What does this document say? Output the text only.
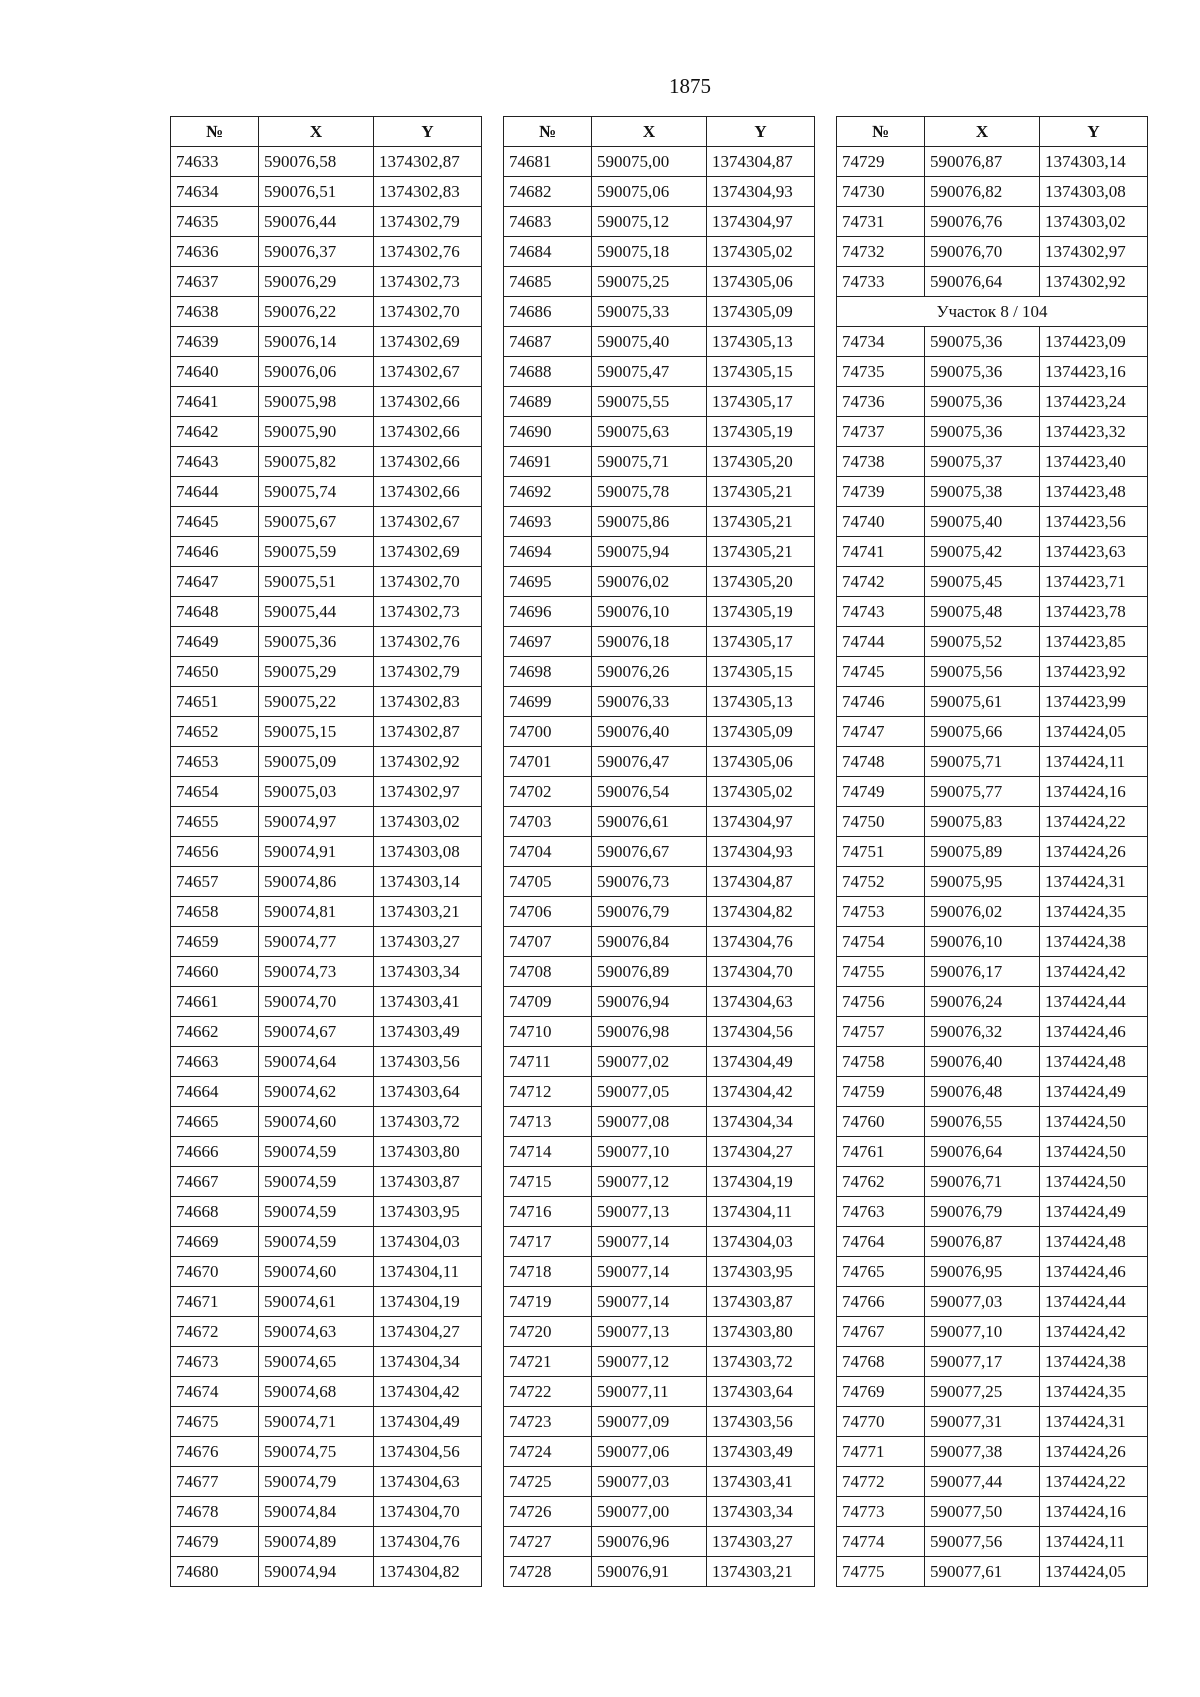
1875
№	X	Y
74633	590076,58	1374302,87
74634	590076,51	1374302,83
74635	590076,44	1374302,79
74636	590076,37	1374302,76
74637	590076,29	1374302,73
74638	590076,22	1374302,70
74639	590076,14	1374302,69
74640	590076,06	1374302,67
74641	590075,98	1374302,66
74642	590075,90	1374302,66
74643	590075,82	1374302,66
74644	590075,74	1374302,66
74645	590075,67	1374302,67
74646	590075,59	1374302,69
74647	590075,51	1374302,70
74648	590075,44	1374302,73
74649	590075,36	1374302,76
74650	590075,29	1374302,79
74651	590075,22	1374302,83
74652	590075,15	1374302,87
74653	590075,09	1374302,92
74654	590075,03	1374302,97
74655	590074,97	1374303,02
74656	590074,91	1374303,08
74657	590074,86	1374303,14
74658	590074,81	1374303,21
74659	590074,77	1374303,27
74660	590074,73	1374303,34
74661	590074,70	1374303,41
74662	590074,67	1374303,49
74663	590074,64	1374303,56
74664	590074,62	1374303,64
74665	590074,60	1374303,72
74666	590074,59	1374303,80
74667	590074,59	1374303,87
74668	590074,59	1374303,95
74669	590074,59	1374304,03
74670	590074,60	1374304,11
74671	590074,61	1374304,19
74672	590074,63	1374304,27
74673	590074,65	1374304,34
74674	590074,68	1374304,42
74675	590074,71	1374304,49
74676	590074,75	1374304,56
74677	590074,79	1374304,63
74678	590074,84	1374304,70
74679	590074,89	1374304,76
74680	590074,94	1374304,82
№	X	Y
74681	590075,00	1374304,87
74682	590075,06	1374304,93
74683	590075,12	1374304,97
74684	590075,18	1374305,02
74685	590075,25	1374305,06
74686	590075,33	1374305,09
74687	590075,40	1374305,13
74688	590075,47	1374305,15
74689	590075,55	1374305,17
74690	590075,63	1374305,19
74691	590075,71	1374305,20
74692	590075,78	1374305,21
74693	590075,86	1374305,21
74694	590075,94	1374305,21
74695	590076,02	1374305,20
74696	590076,10	1374305,19
74697	590076,18	1374305,17
74698	590076,26	1374305,15
74699	590076,33	1374305,13
74700	590076,40	1374305,09
74701	590076,47	1374305,06
74702	590076,54	1374305,02
74703	590076,61	1374304,97
74704	590076,67	1374304,93
74705	590076,73	1374304,87
74706	590076,79	1374304,82
74707	590076,84	1374304,76
74708	590076,89	1374304,70
74709	590076,94	1374304,63
74710	590076,98	1374304,56
74711	590077,02	1374304,49
74712	590077,05	1374304,42
74713	590077,08	1374304,34
74714	590077,10	1374304,27
74715	590077,12	1374304,19
74716	590077,13	1374304,11
74717	590077,14	1374304,03
74718	590077,14	1374303,95
74719	590077,14	1374303,87
74720	590077,13	1374303,80
74721	590077,12	1374303,72
74722	590077,11	1374303,64
74723	590077,09	1374303,56
74724	590077,06	1374303,49
74725	590077,03	1374303,41
74726	590077,00	1374303,34
74727	590076,96	1374303,27
74728	590076,91	1374303,21
№	X	Y
74729	590076,87	1374303,14
74730	590076,82	1374303,08
74731	590076,76	1374303,02
74732	590076,70	1374302,97
74733	590076,64	1374302,92
Участок 8 / 104		
74734	590075,36	1374423,09
74735	590075,36	1374423,16
74736	590075,36	1374423,24
74737	590075,36	1374423,32
74738	590075,37	1374423,40
74739	590075,38	1374423,48
74740	590075,40	1374423,56
74741	590075,42	1374423,63
74742	590075,45	1374423,71
74743	590075,48	1374423,78
74744	590075,52	1374423,85
74745	590075,56	1374423,92
74746	590075,61	1374423,99
74747	590075,66	1374424,05
74748	590075,71	1374424,11
74749	590075,77	1374424,16
74750	590075,83	1374424,22
74751	590075,89	1374424,26
74752	590075,95	1374424,31
74753	590076,02	1374424,35
74754	590076,10	1374424,38
74755	590076,17	1374424,42
74756	590076,24	1374424,44
74757	590076,32	1374424,46
74758	590076,40	1374424,48
74759	590076,48	1374424,49
74760	590076,55	1374424,50
74761	590076,64	1374424,50
74762	590076,71	1374424,50
74763	590076,79	1374424,49
74764	590076,87	1374424,48
74765	590076,95	1374424,46
74766	590077,03	1374424,44
74767	590077,10	1374424,42
74768	590077,17	1374424,38
74769	590077,25	1374424,35
74770	590077,31	1374424,31
74771	590077,38	1374424,26
74772	590077,44	1374424,22
74773	590077,50	1374424,16
74774	590077,56	1374424,11
74775	590077,61	1374424,05
